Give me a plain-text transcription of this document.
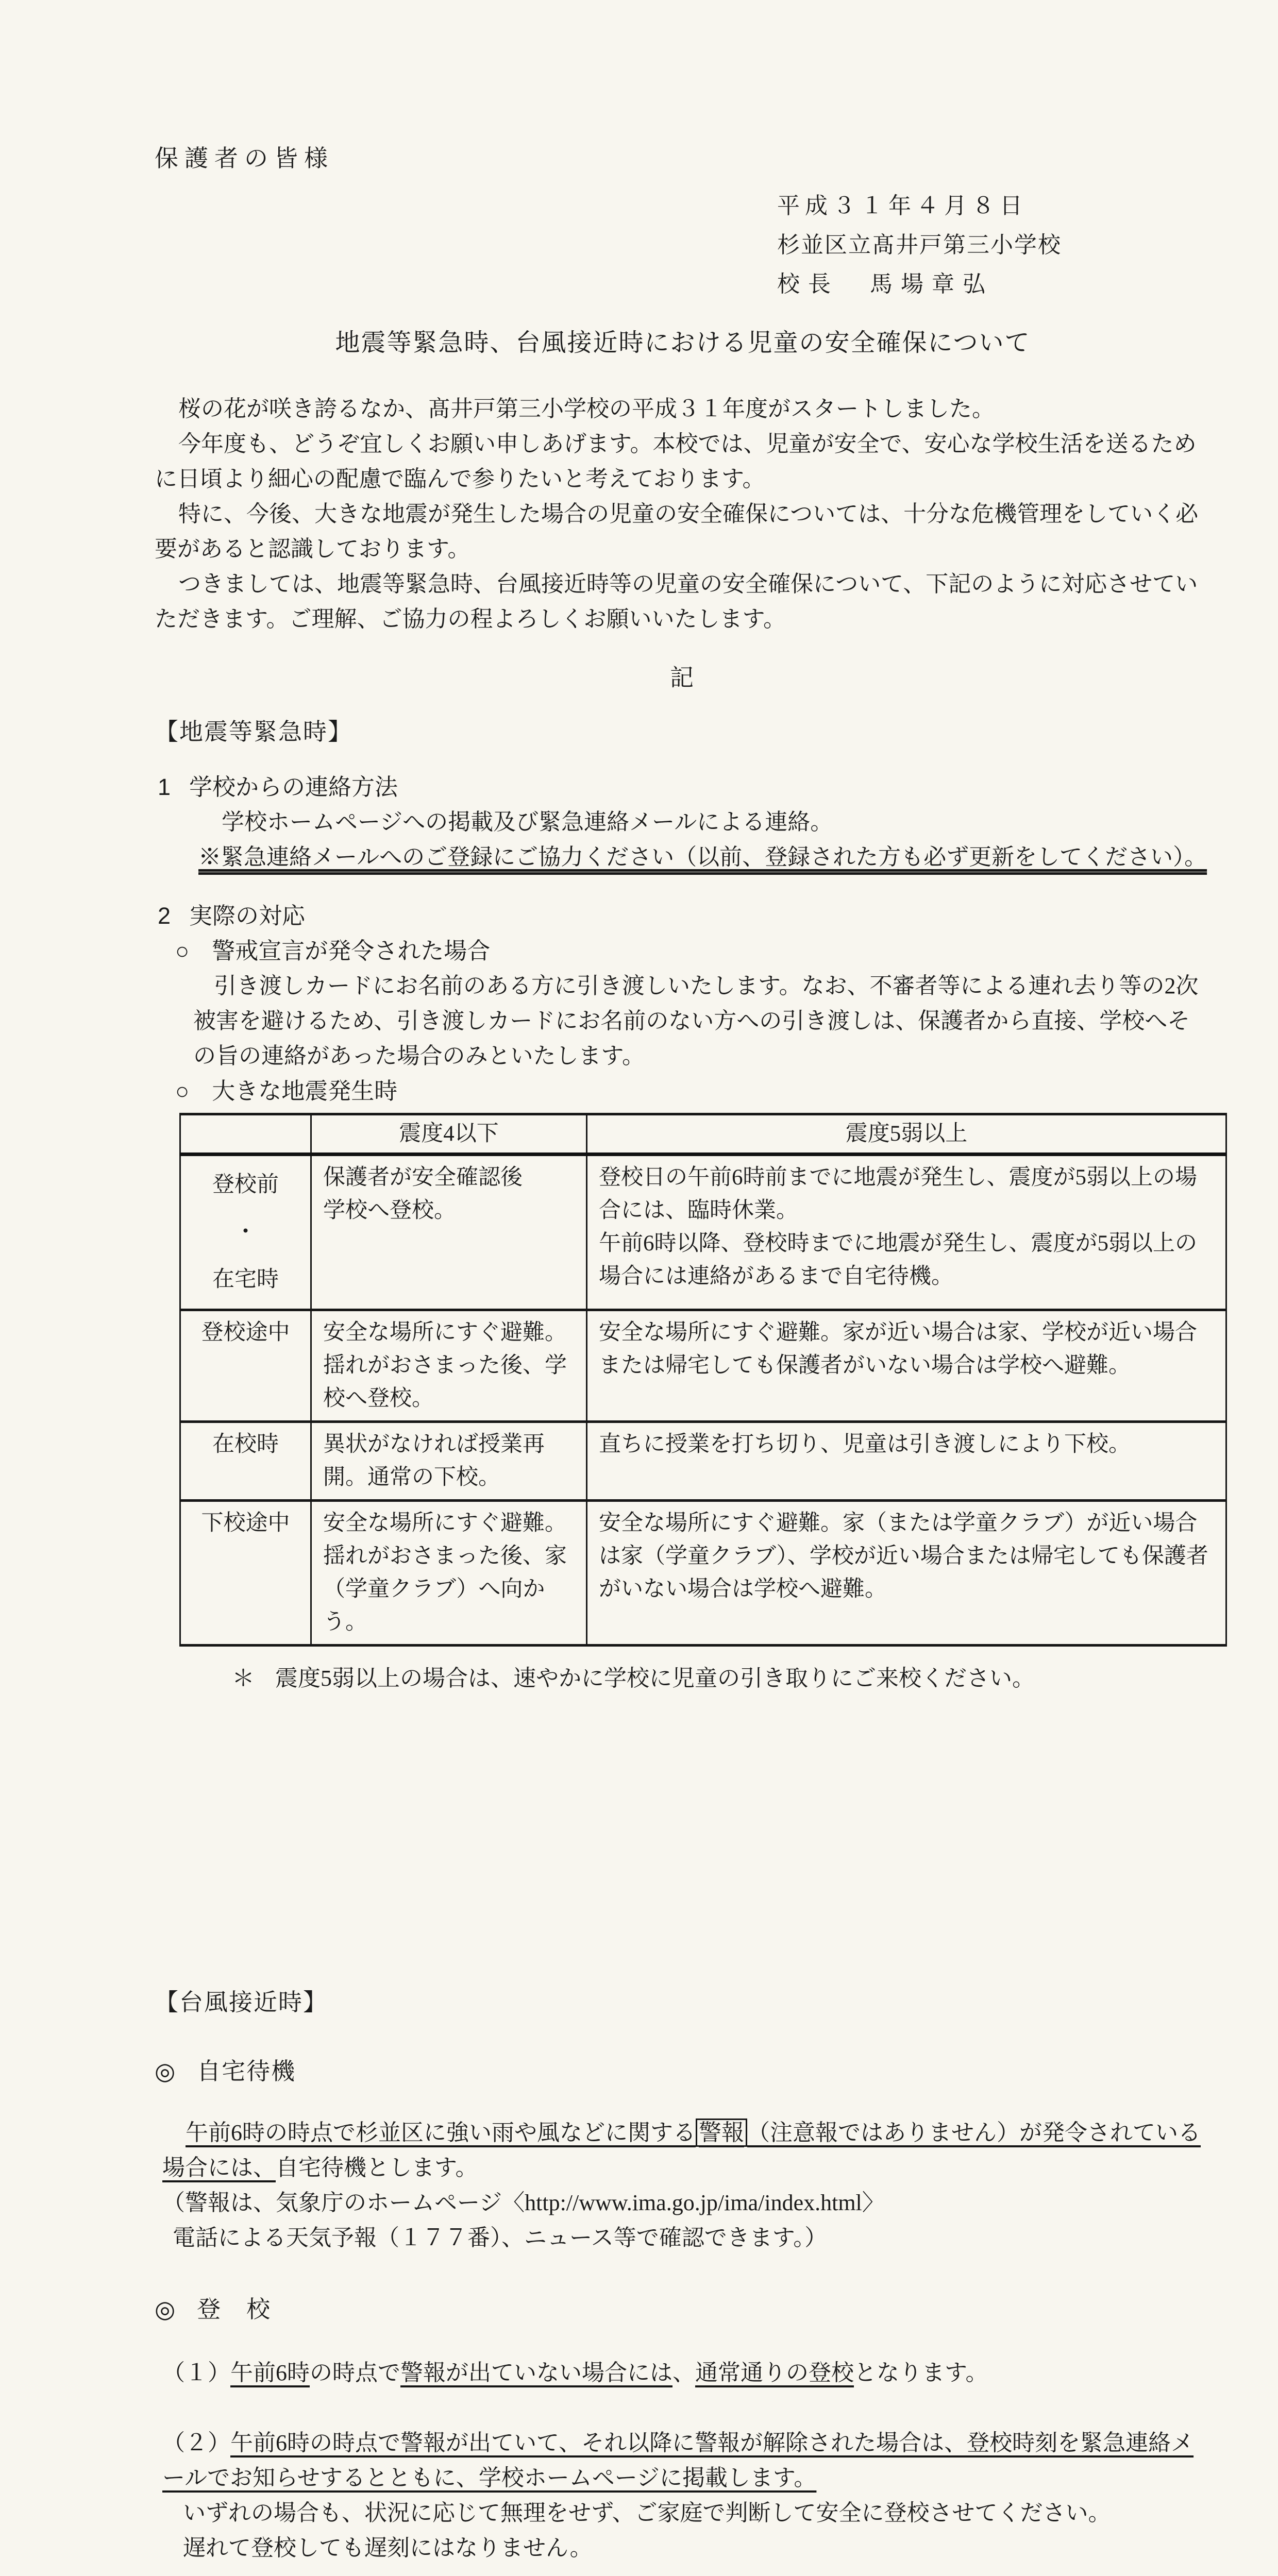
保護者の皆様
平成３１年４月８日
杉並区立髙井戸第三小学校
校長　馬場章弘
地震等緊急時、台風接近時における児童の安全確保について

桜の花が咲き誇るなか、髙井戸第三小学校の平成３１年度がスタートしました。

今年度も、どうぞ宜しくお願い申しあげます。本校では、児童が安全で、安心な学校生活を送るために日頃より細心の配慮で臨んで参りたいと考えております。

特に、今後、大きな地震が発生した場合の児童の安全確保については、十分な危機管理をしていく必要があると認識しております。

つきましては、地震等緊急時、台風接近時等の児童の安全確保について、下記のように対応させていただきます。ご理解、ご協力の程よろしくお願いいたします。

記
【地震等緊急時】
1 学校からの連絡方法

学校ホームページへの掲載及び緊急連絡メールによる連絡。

※緊急連絡メールへのご登録にご協力ください（以前、登録された方も必ず更新をしてください）。

2 実際の対応
○ 警戒宣言が発令された場合

引き渡しカードにお名前のある方に引き渡しいたします。なお、不審者等による連れ去り等の2次被害を避けるため、引き渡しカードにお名前のない方への引き渡しは、保護者から直接、学校へその旨の連絡があった場合のみといたします。

○ 大きな地震発生時
	震度4以下	震度5弱以上
登校前
・
在宅時	保護者が安全確認後
学校へ登校。	登校日の午前6時前までに地震が発生し、震度が5弱以上の場合には、臨時休業。
午前6時以降、登校時までに地震が発生し、震度が5弱以上の場合には連絡があるまで自宅待機。
登校途中	安全な場所にすぐ避難。揺れがおさまった後、学校へ登校。	安全な場所にすぐ避難。家が近い場合は家、学校が近い場合または帰宅しても保護者がいない場合は学校へ避難。
在校時	異状がなければ授業再開。通常の下校。	直ちに授業を打ち切り、児童は引き渡しにより下校。
下校途中	安全な場所にすぐ避難。揺れがおさまった後、家（学童クラブ）へ向かう。	安全な場所にすぐ避難。家（または学童クラブ）が近い場合は家（学童クラブ）、学校が近い場合または帰宅しても保護者がいない場合は学校へ避難。

＊ 震度5弱以上の場合は、速やかに学校に児童の引き取りにご来校ください。

【台風接近時】
◎ 自宅待機

午前6時の時点で杉並区に強い雨や風などに関する 警報 （注意報ではありません）が発令されている場合には、自宅待機とします。

（警報は、気象庁のホームページ〈http://www.ima.go.jp/ima/index.html〉

電話による天気予報（１７７番）、ニュース等で確認できます。）

◎ 登　校

（１）午前6時の時点で警報が出ていない場合には、通常通りの登校となります。

（２）午前6時の時点で警報が出ていて、それ以降に警報が解除された場合は、登校時刻を緊急連絡メールでお知らせするとともに、学校ホームページに掲載します。

いずれの場合も、状況に応じて無理をせず、ご家庭で判断して安全に登校させてください。

遅れて登校しても遅刻にはなりません。
